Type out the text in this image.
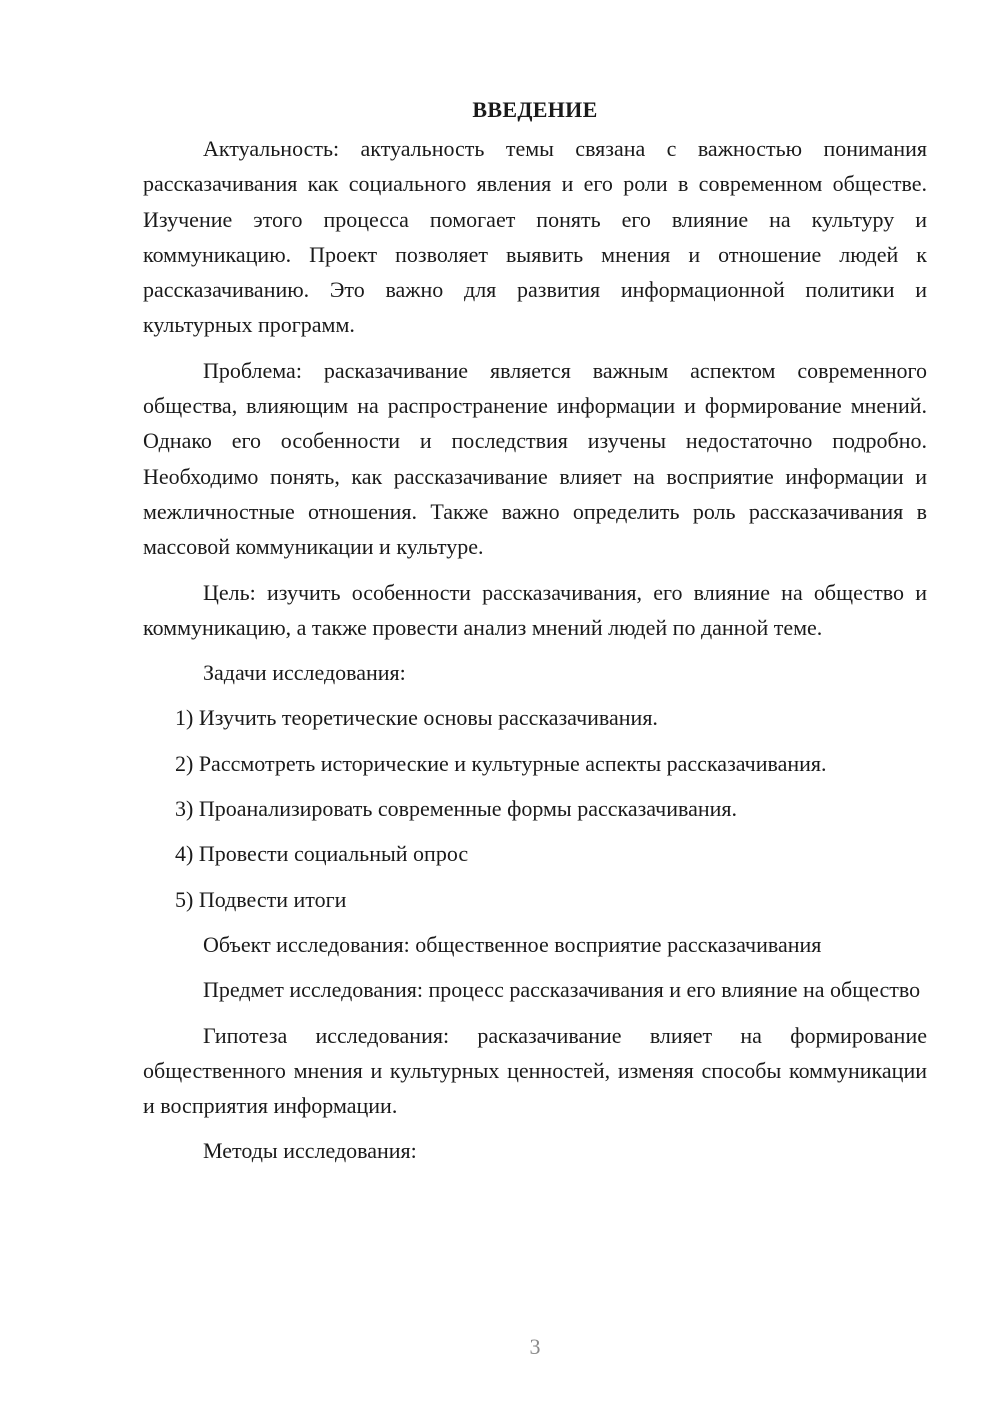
ВВЕДЕНИЕ

Актуальность: актуальность темы связана с важностью понимания рассказачивания как социального явления и его роли в современном обществе. Изучение этого процесса помогает понять его влияние на культуру и коммуникацию. Проект позволяет выявить мнения и отношение людей к рассказачиванию. Это важно для развития информационной политики и культурных программ.

Проблема: расказачивание является важным аспектом современного общества, влияющим на распространение информации и формирование мнений. Однако его особенности и последствия изучены недостаточно подробно. Необходимо понять, как рассказачивание влияет на восприятие информации и межличностные отношения. Также важно определить роль рассказачивания в массовой коммуникации и культуре.

Цель: изучить особенности рассказачивания, его влияние на общество и коммуникацию, а также провести анализ мнений людей по данной теме.

Задачи исследования:

1) Изучить теоретические основы рассказачивания.
2) Рассмотреть исторические и культурные аспекты рассказачивания.
3) Проанализировать современные формы рассказачивания.
4) Провести социальный опрос
5) Подвести итоги

Объект исследования: общественное восприятие рассказачивания

Предмет исследования: процесс рассказачивания и его влияние на общество

Гипотеза исследования: расказачивание влияет на формирование общественного мнения и культурных ценностей, изменяя способы коммуникации и восприятия информации.

Методы исследования:

3
